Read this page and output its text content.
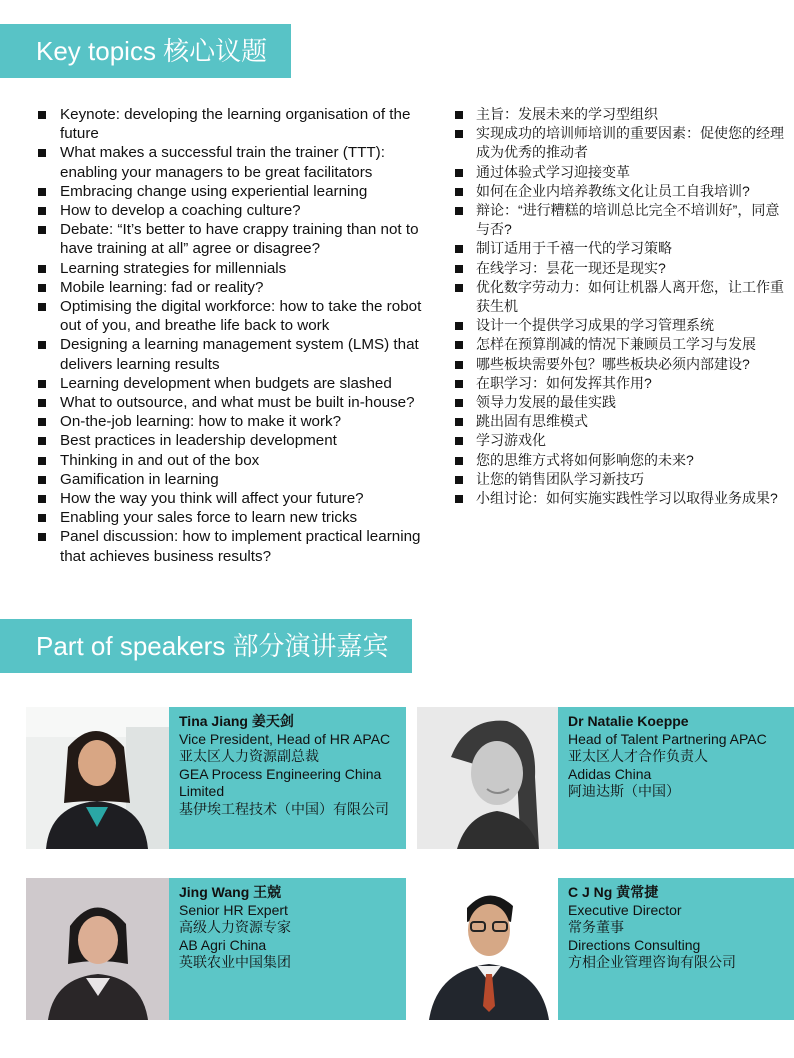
Key topics 核心议题
Keynote: developing the learning organisation of the future
What makes a successful train the trainer (TTT): enabling your managers to be great facilitators
Embracing change using experiential learning
How to develop a coaching culture?
Debate: “It’s better to have crappy training than not to have training at all” agree or disagree?
Learning strategies for millennials
Mobile learning: fad or reality?
Optimising the digital workforce: how to take the robot out of you, and breathe life back to work
Designing a learning management system (LMS) that delivers learning results
Learning development when budgets are slashed
What to outsource, and what must be built in-house?
On-the-job learning: how to make it work?
Best practices in leadership development
Thinking in and out of the box
Gamification in learning
How the way you think will affect your future?
Enabling your sales force to learn new tricks
Panel discussion: how to implement practical learning that achieves business results?
主旨：发展未来的学习型组织
实现成功的培训师培训的重要因素：促使您的经理成为优秀的推动者
通过体验式学习迎接变革
如何在企业内培养教练文化让员工自我培训?
辩论：“进行糟糕的培训总比完全不培训好”，同意与否?
制订适用于千禧一代的学习策略
在线学习：昙花一现还是现实?
优化数字劳动力：如何让机器人离开您，让工作重获生机
设计一个提供学习成果的学习管理系统
怎样在预算削减的情况下兼顾员工学习与发展
哪些板块需要外包？哪些板块必须内部建设?
在职学习：如何发挥其作用?
领导力发展的最佳实践
跳出固有思维模式
学习游戏化
您的思维方式将如何影响您的未来?
让您的销售团队学习新技巧
小组讨论：如何实施实践性学习以取得业务成果?
Part of speakers 部分演讲嘉宾
Tina Jiang 姜天剑
Vice President, Head of HR APAC
亚太区人力资源副总裁
GEA Process Engineering China Limited
基伊埃工程技术（中国）有限公司
Dr Natalie Koeppe
Head of Talent Partnering APAC
亚太区人才合作负责人
Adidas China
阿迪达斯（中国）
Jing Wang 王兢
Senior HR Expert
高级人力资源专家
AB Agri China
英联农业中国集团
C J Ng 黄常捷
Executive Director
常务董事
Directions Consulting
方相企业管理咨询有限公司
